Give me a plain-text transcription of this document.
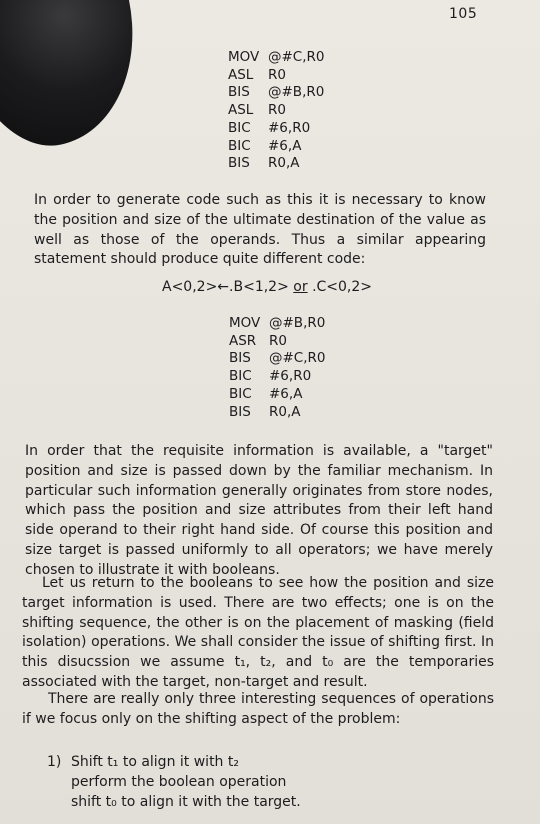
105
MOV @#C,R0
ASL R0
BIS @#B,R0
ASL R0
BIC #6,R0
BIC #6,A
BIS R0,A

In order to generate code such as this it is necessary to know the position and size of the ultimate destination of the value as well as those of the operands. Thus a similar appearing statement should produce quite different code:

A<0,2>←.B<1,2> or .C<0,2>
MOV @#B,R0
ASR R0
BIS @#C,R0
BIC #6,R0
BIC #6,A
BIS R0,A

In order that the requisite information is available, a "target" position and size is passed down by the familiar mechanism. In particular such information generally originates from store nodes, which pass the position and size attributes from their left hand side operand to their right hand side. Of course this position and size target is passed uniformly to all operators; we have merely chosen to illustrate it with booleans.

Let us return to the booleans to see how the position and size target information is used. There are two effects; one is on the shifting sequence, the other is on the placement of masking (field isolation) operations. We shall consider the issue of shifting first. In this disucssion we assume t₁, t₂, and t₀ are the temporaries associated with the target, non-target and result.

There are really only three interesting sequences of operations if we focus only on the shifting aspect of the problem:

1) Shift t₁ to align it with t₂
perform the boolean operation
shift t₀ to align it with the target.
